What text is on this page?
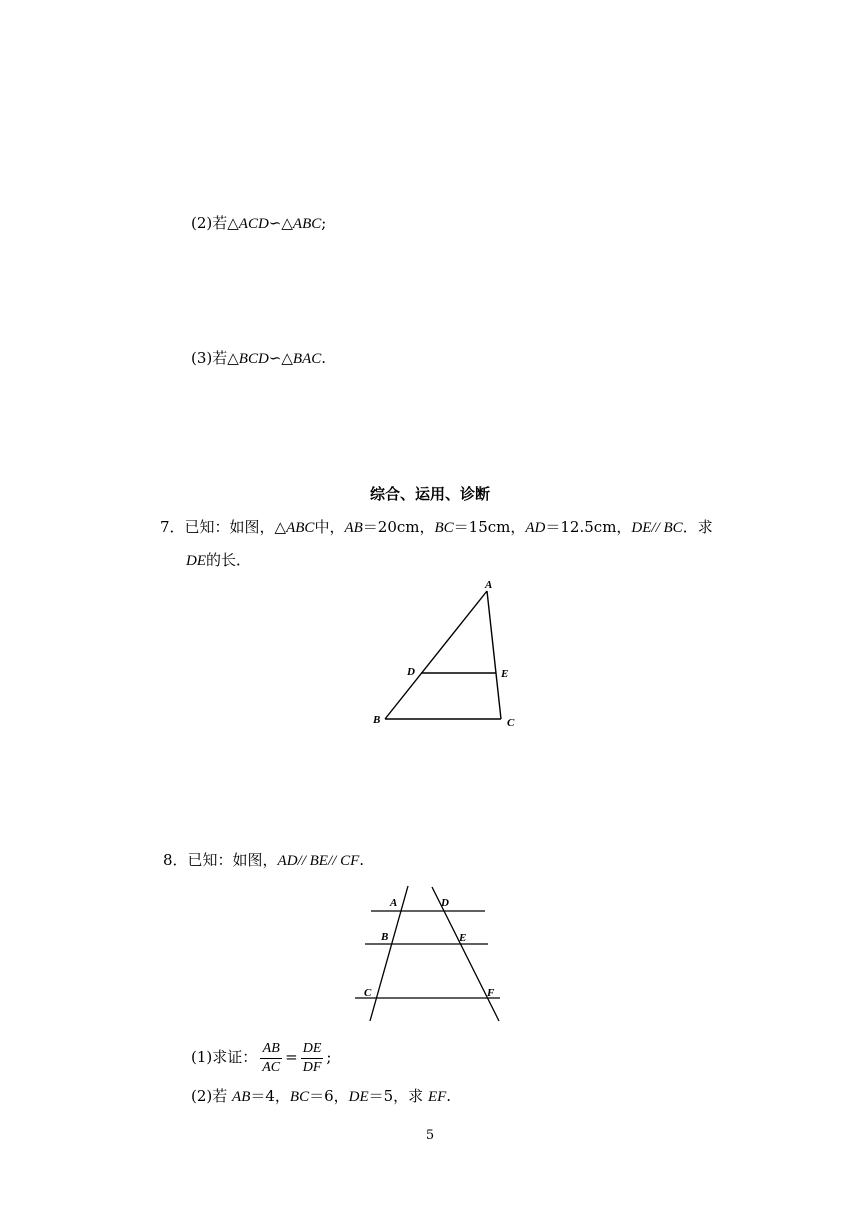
(2)若△ACD∽△ABC;
(3)若△BCD∽△BAC.
综合、运用、诊断
7．已知：如图，△ABC中，AB＝20cm，BC＝15cm，AD＝12.5cm，DE// BC．求
DE的长．
A
D	E
B	C
8．已知：如图，AD// BE// CF.
A	D
B	E
C	F
(1)求证： $\frac{AB}{AC} = \frac{DE}{DF}$ ;
(2)若 AB＝4，BC＝6，DE＝5，求 EF.
5
